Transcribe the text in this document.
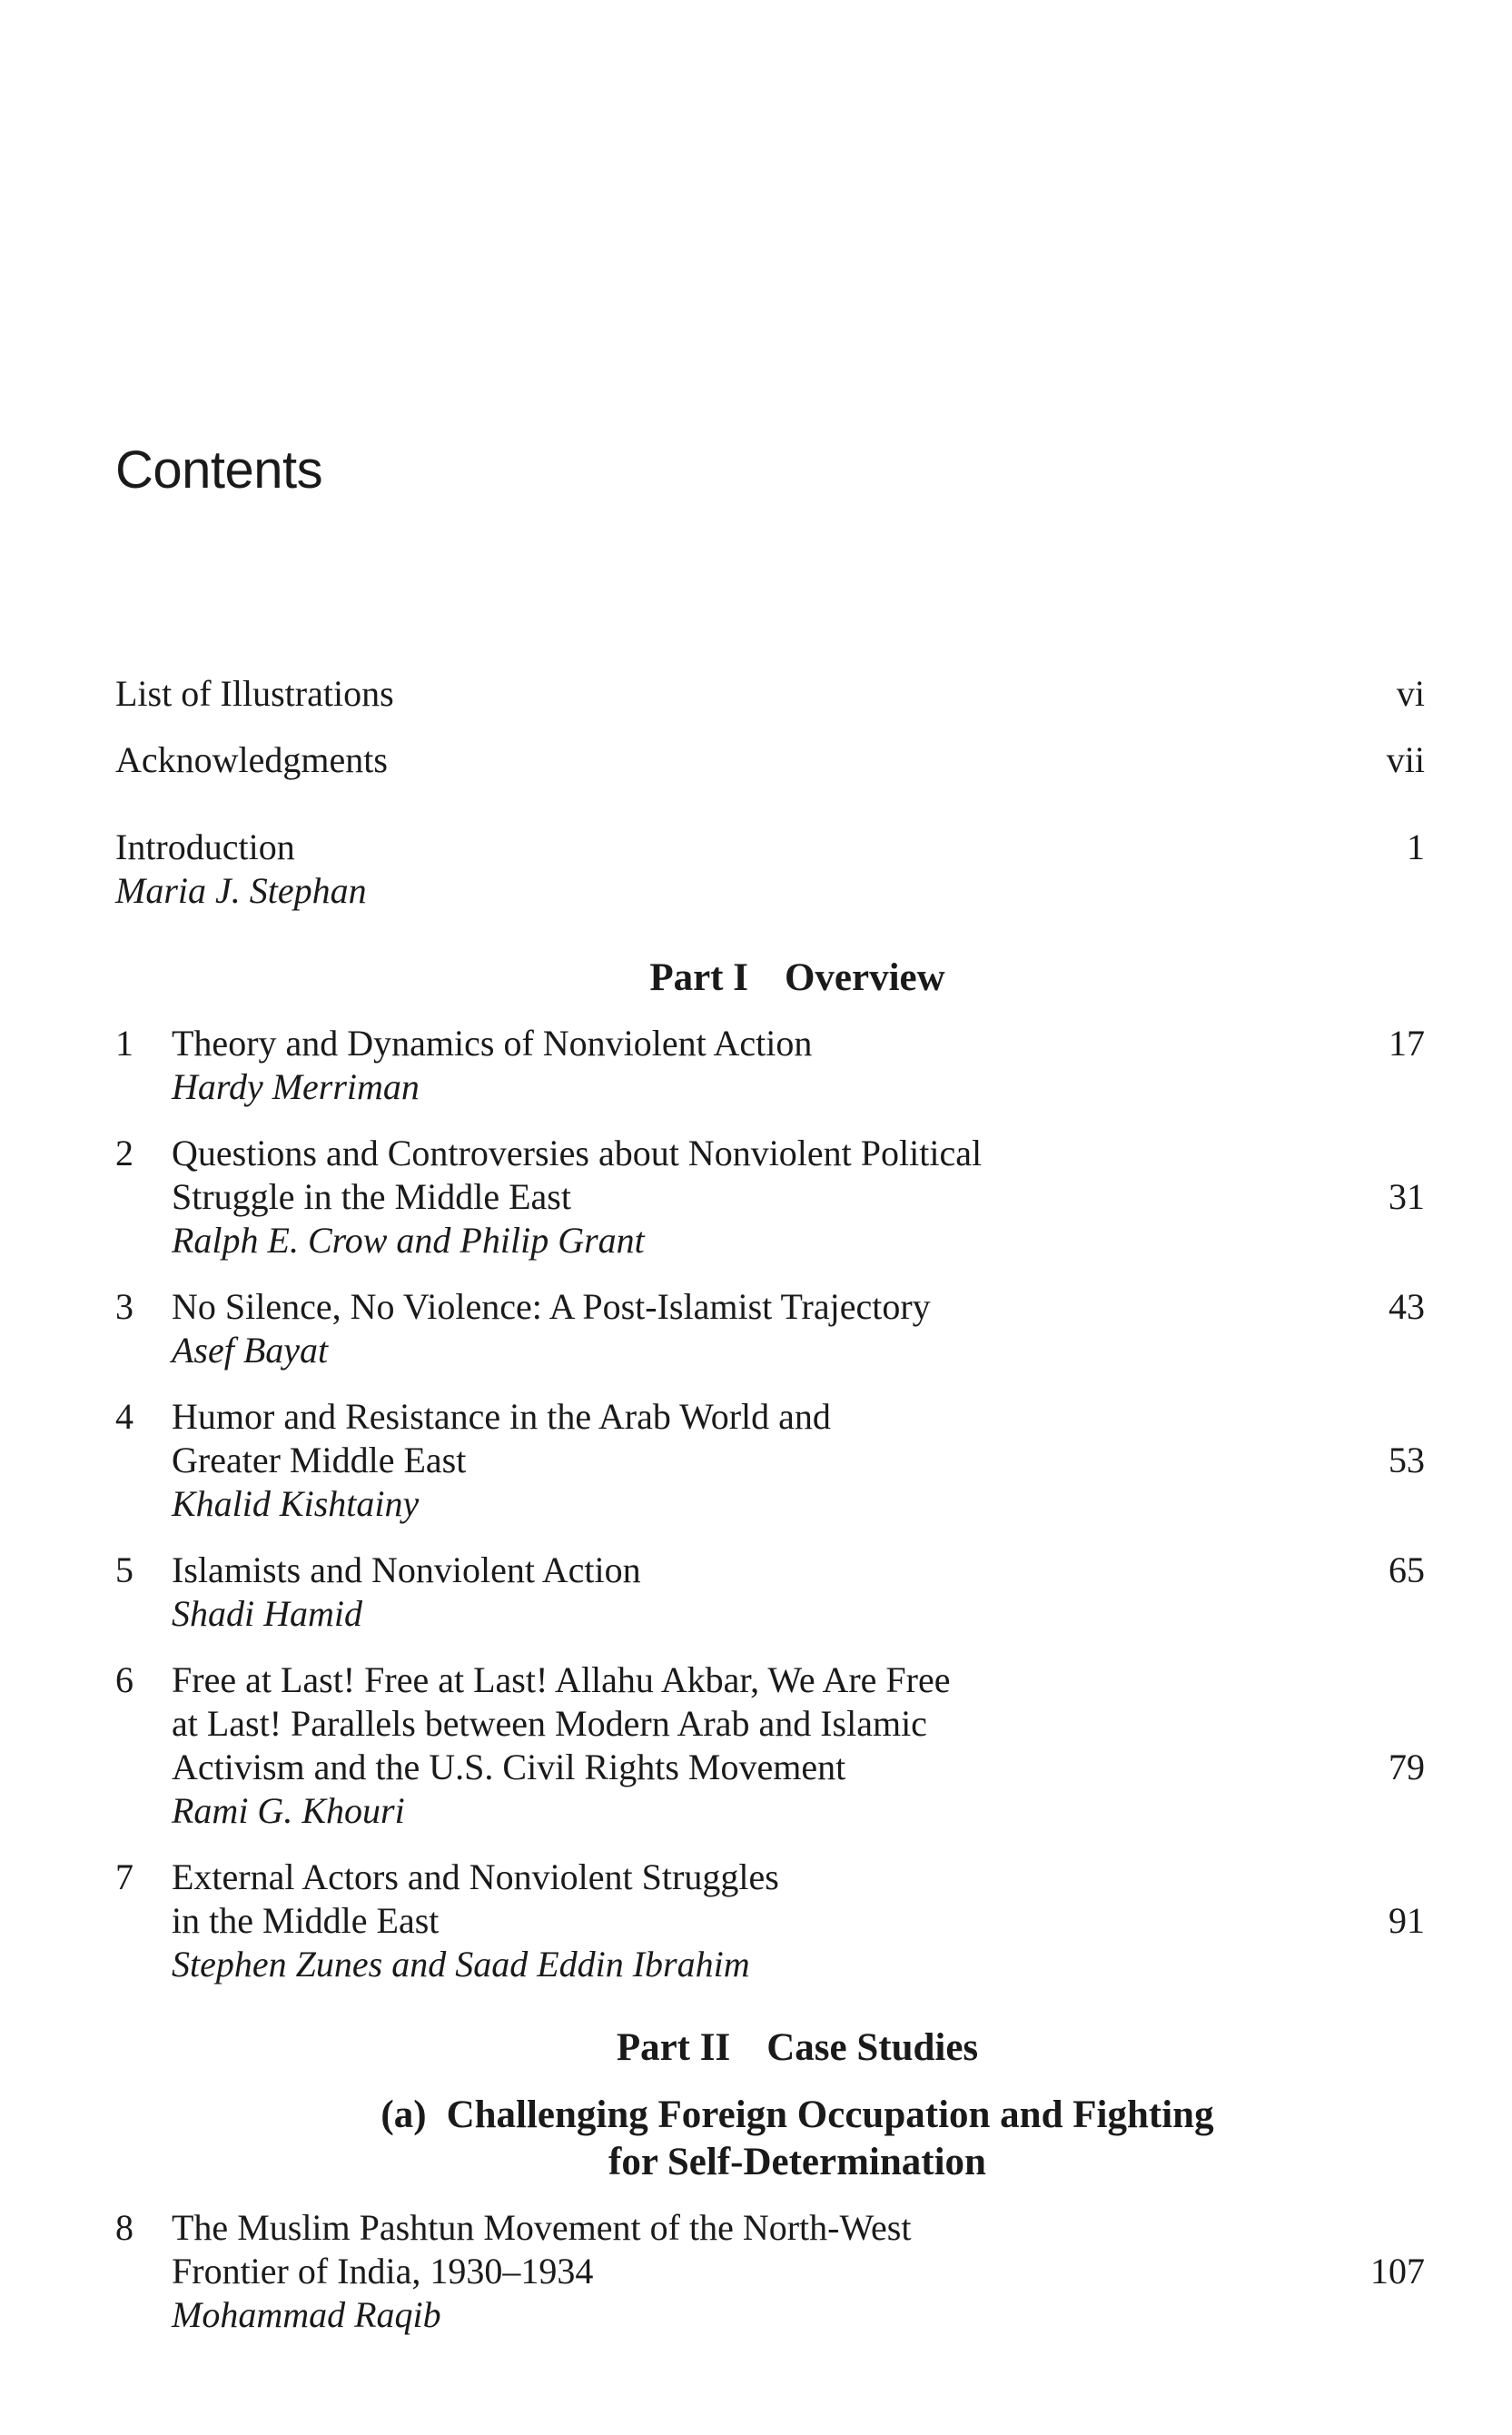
Contents
List of Illustrations	vi
Acknowledgments	vii
Introduction
Maria J. Stephan
1
Part I Overview
1 Theory and Dynamics of Nonviolent Action
Hardy Merriman
17
2 Questions and Controversies about Nonviolent Political
Struggle in the Middle East
Ralph E. Crow and Philip Grant
31
3 No Silence, No Violence: A Post-Islamist Trajectory
Asef Bayat
43
4 Humor and Resistance in the Arab World and
Greater Middle East
Khalid Kishtainy
53
5 Islamists and Nonviolent Action
Shadi Hamid
65
6 Free at Last! Free at Last! Allahu Akbar, We Are Free
at Last! Parallels between Modern Arab and Islamic
Activism and the U.S. Civil Rights Movement
Rami G. Khouri
79
7 External Actors and Nonviolent Struggles
in the Middle East
Stephen Zunes and Saad Eddin Ibrahim
91
Part II Case Studies
(a) Challenging Foreign Occupation and Fighting
for Self-Determination
8 The Muslim Pashtun Movement of the North-West
Frontier of India, 1930–1934
Mohammad Raqib
107
